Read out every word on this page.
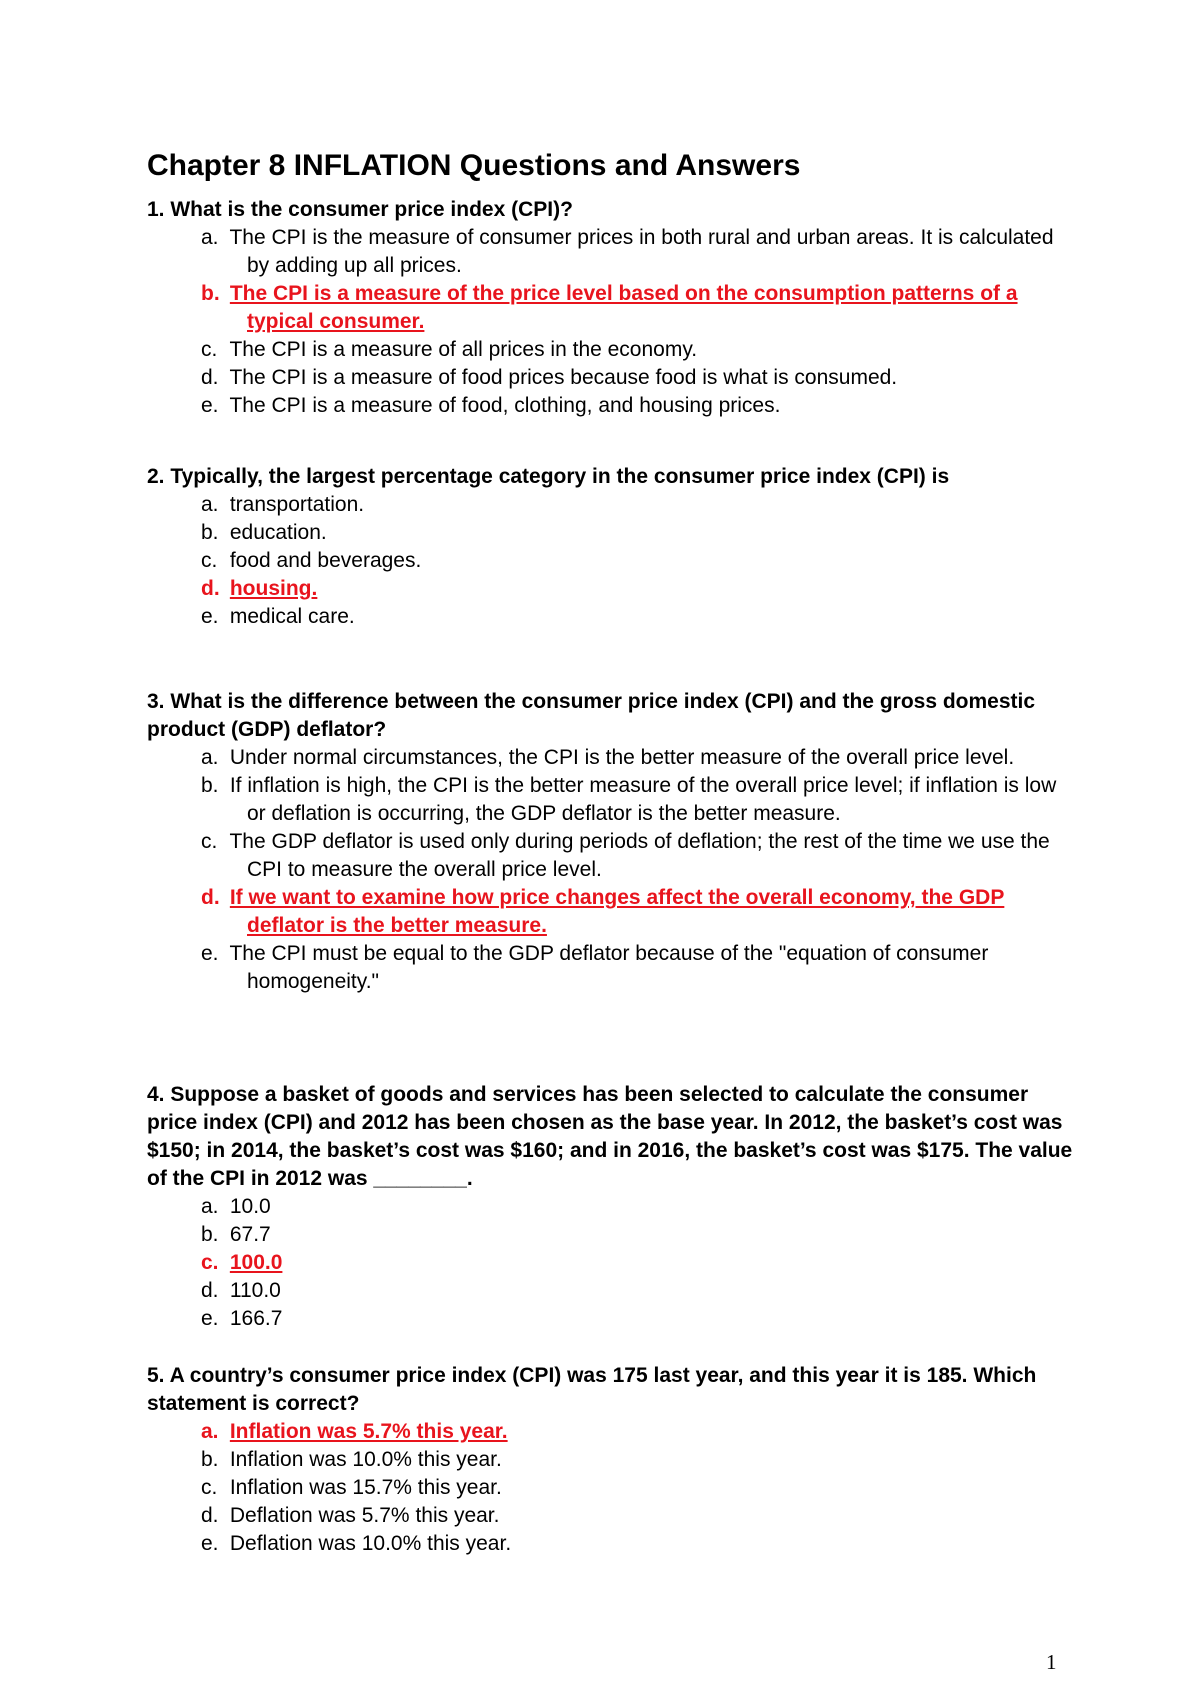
Chapter 8 INFLATION Questions and Answers

1. What is the consumer price index (CPI)?

a. The CPI is the measure of consumer prices in both rural and urban areas. It is calculated by adding up all prices.
b. The CPI is a measure of the price level based on the consumption patterns of a typical consumer.
c. The CPI is a measure of all prices in the economy.
d. The CPI is a measure of food prices because food is what is consumed.
e. The CPI is a measure of food, clothing, and housing prices.

2. Typically, the largest percentage category in the consumer price index (CPI) is

a. transportation.
b. education.
c. food and beverages.
d. housing.
e. medical care.

3. What is the difference between the consumer price index (CPI) and the gross domestic product (GDP) deflator?

a. Under normal circumstances, the CPI is the better measure of the overall price level.
b. If inflation is high, the CPI is the better measure of the overall price level; if inflation is low or deflation is occurring, the GDP deflator is the better measure.
c. The GDP deflator is used only during periods of deflation; the rest of the time we use the CPI to measure the overall price level.
d. If we want to examine how price changes affect the overall economy, the GDP deflator is the better measure.
e. The CPI must be equal to the GDP deflator because of the "equation of consumer homogeneity."

4. Suppose a basket of goods and services has been selected to calculate the consumer price index (CPI) and 2012 has been chosen as the base year. In 2012, the basket’s cost was $150; in 2014, the basket’s cost was $160; and in 2016, the basket’s cost was $175. The value of the CPI in 2012 was ________.

a. 10.0
b. 67.7
c. 100.0
d. 110.0
e. 166.7

5. A country’s consumer price index (CPI) was 175 last year, and this year it is 185. Which statement is correct?

a. Inflation was 5.7% this year.
b. Inflation was 10.0% this year.
c. Inflation was 15.7% this year.
d. Deflation was 5.7% this year.
e. Deflation was 10.0% this year.
1
